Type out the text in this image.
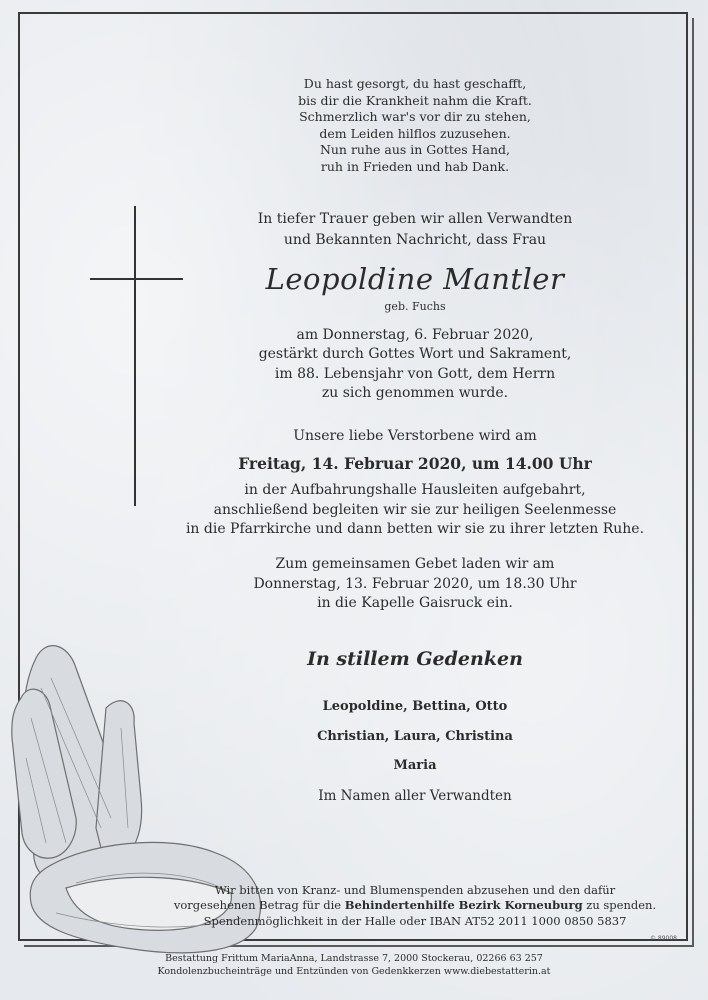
Du hast gesorgt, du hast geschafft,
bis dir die Krankheit nahm die Kraft.
Schmerzlich war's vor dir zu stehen,
dem Leiden hilflos zuzusehen.
Nun ruhe aus in Gottes Hand,
ruh in Frieden und hab Dank.
In tiefer Trauer geben wir allen Verwandten
und Bekannten Nachricht, dass Frau
Leopoldine Mantler
geb. Fuchs
am Donnerstag, 6. Februar 2020,
gestärkt durch Gottes Wort und Sakrament,
im 88. Lebensjahr von Gott, dem Herrn
zu sich genommen wurde.
Unsere liebe Verstorbene wird am
Freitag, 14. Februar 2020, um 14.00 Uhr
in der Aufbahrungshalle Hausleiten aufgebahrt,
anschließend begleiten wir sie zur heiligen Seelenmesse
in die Pfarrkirche und dann betten wir sie zu ihrer letzten Ruhe.
Zum gemeinsamen Gebet laden wir am
Donnerstag, 13. Februar 2020, um 18.30 Uhr
in die Kapelle Gaisruck ein.
In stillem Gedenken
Leopoldine, Bettina, Otto
Christian, Laura, Christina
Maria
Im Namen aller Verwandten
Wir bitten von Kranz- und Blumenspenden abzusehen und den dafür
vorgesehenen Betrag für die Behindertenhilfe Bezirk Korneuburg zu spenden.
Spendenmöglichkeit in der Halle oder IBAN AT52 2011 1000 0850 5837
© 89008
Bestattung Frittum MariaAnna, Landstrasse 7, 2000 Stockerau, 02266 63 257
Kondolenzbucheinträge und Entzünden von Gedenkkerzen www.diebestatterin.at
